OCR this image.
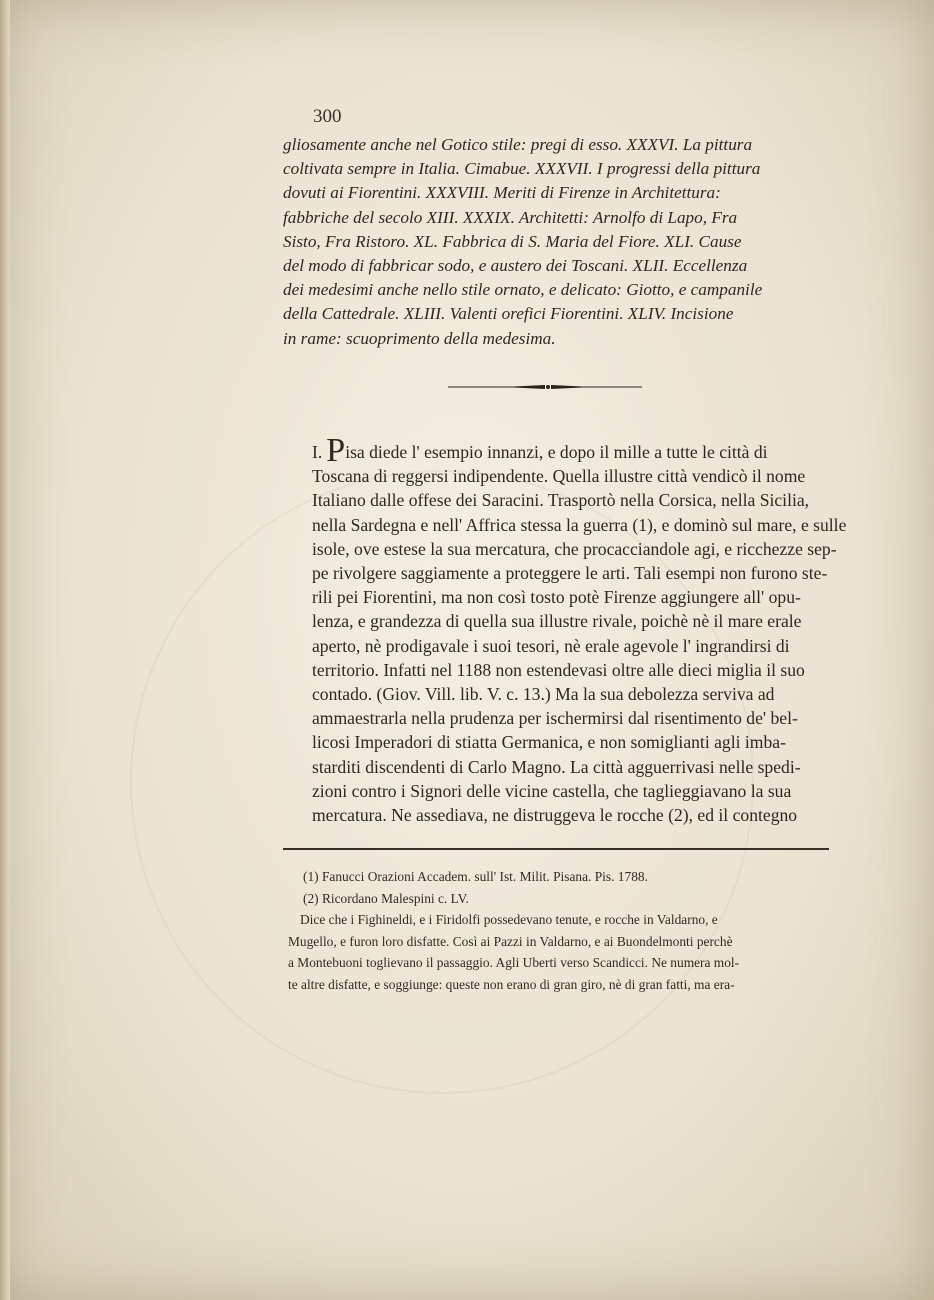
300
gliosamente anche nel Gotico stile: pregi di esso. XXXVI. La pittura
coltivata sempre in Italia. Cimabue. XXXVII. I progressi della pittura
dovuti ai Fiorentini. XXXVIII. Meriti di Firenze in Architettura:
fabbriche del secolo XIII. XXXIX. Architetti: Arnolfo di Lapo, Fra
Sisto, Fra Ristoro. XL. Fabbrica di S. Maria del Fiore. XLI. Cause
del modo di fabbricar sodo, e austero dei Toscani. XLII. Eccellenza
dei medesimi anche nello stile ornato, e delicato: Giotto, e campanile
della Cattedrale. XLIII. Valenti orefici Fiorentini. XLIV. Incisione
in rame: scuoprimento della medesima.
I. Pisa diede l' esempio innanzi, e dopo il mille a tutte le città di
Toscana di reggersi indipendente. Quella illustre città vendicò il nome
Italiano dalle offese dei Saracini. Trasportò nella Corsica, nella Sicilia,
nella Sardegna e nell' Affrica stessa la guerra (1), e dominò sul mare, e sulle
isole, ove estese la sua mercatura, che procacciandole agi, e ricchezze sep-
pe rivolgere saggiamente a proteggere le arti. Tali esempi non furono ste-
rili pei Fiorentini, ma non così tosto potè Firenze aggiungere all' opu-
lenza, e grandezza di quella sua illustre rivale, poichè nè il mare erale
aperto, nè prodigavale i suoi tesori, nè erale agevole l' ingrandirsi di
territorio. Infatti nel 1188 non estendevasi oltre alle dieci miglia il suo
contado. (Giov. Vill. lib. V. c. 13.) Ma la sua debolezza serviva ad
ammaestrarla nella prudenza per ischermirsi dal risentimento de' bel-
licosi Imperadori di stiatta Germanica, e non somiglianti agli imba-
starditi discendenti di Carlo Magno. La città agguerrivasi nelle spedi-
zioni contro i Signori delle vicine castella, che taglieggiavano la sua
mercatura. Ne assediava, ne distruggeva le rocche (2), ed il contegno
(1) Fanucci Orazioni Accadem. sull' Ist. Milit. Pisana. Pis. 1788.
(2) Ricordano Malespini c. LV.
Dice che i Fighineldi, e i Firidolfi possedevano tenute, e rocche in Valdarno, e
Mugello, e furon loro disfatte. Così ai Pazzi in Valdarno, e ai Buondelmonti perchè
a Montebuoni toglievano il passaggio. Agli Uberti verso Scandicci. Ne numera mol-
te altre disfatte, e soggiunge: queste non erano di gran giro, nè di gran fatti, ma era-
